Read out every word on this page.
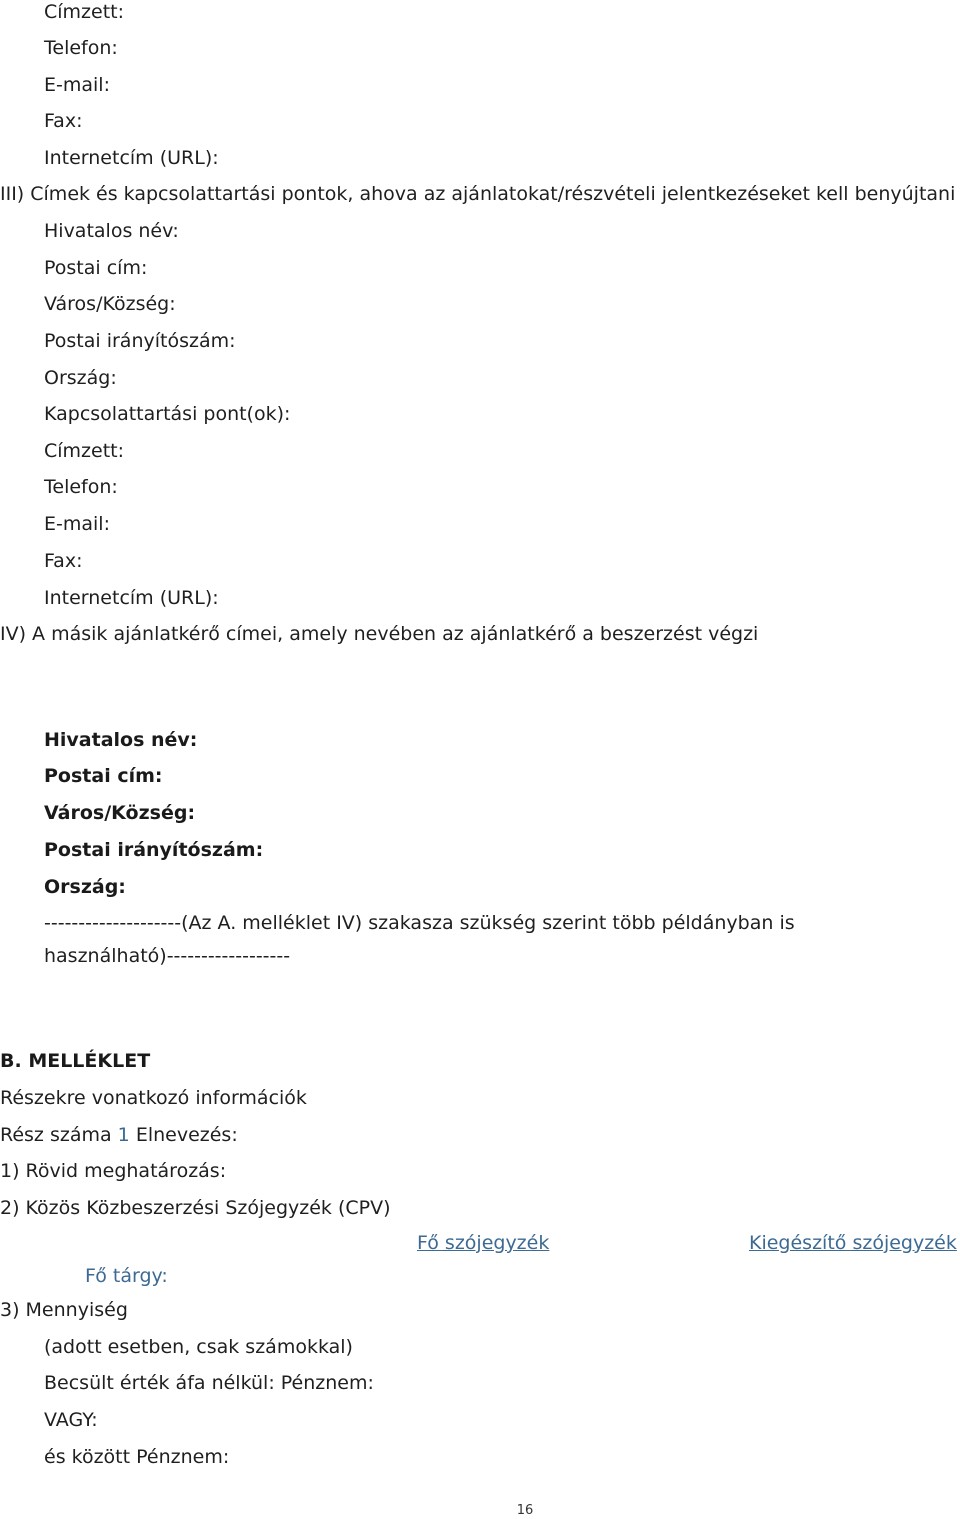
Címzett:
Telefon:
E-mail:
Fax:
Internetcím (URL):
III) Címek és kapcsolattartási pontok, ahova az ajánlatokat/részvételi jelentkezéseket kell benyújtani
Hivatalos név:
Postai cím:
Város/Község:
Postai irányítószám:
Ország:
Kapcsolattartási pont(ok):
Címzett:
Telefon:
E-mail:
Fax:
Internetcím (URL):
IV) A másik ajánlatkérő címei, amely nevében az ajánlatkérő a beszerzést végzi
Hivatalos név:
Postai cím:
Város/Község:
Postai irányítószám:
Ország:
--------------------(Az A. melléklet IV) szakasza szükség szerint több példányban is
használható)------------------
B. MELLÉKLET
Részekre vonatkozó információk
Rész száma 1 Elnevezés:
1) Rövid meghatározás:
2) Közös Közbeszerzési Szójegyzék (CPV)
Fő szójegyzék	Kiegészítő szójegyzék
Fő tárgy:
3) Mennyiség
(adott esetben, csak számokkal)
Becsült érték áfa nélkül: Pénznem:
VAGY:
és között Pénznem:
16
